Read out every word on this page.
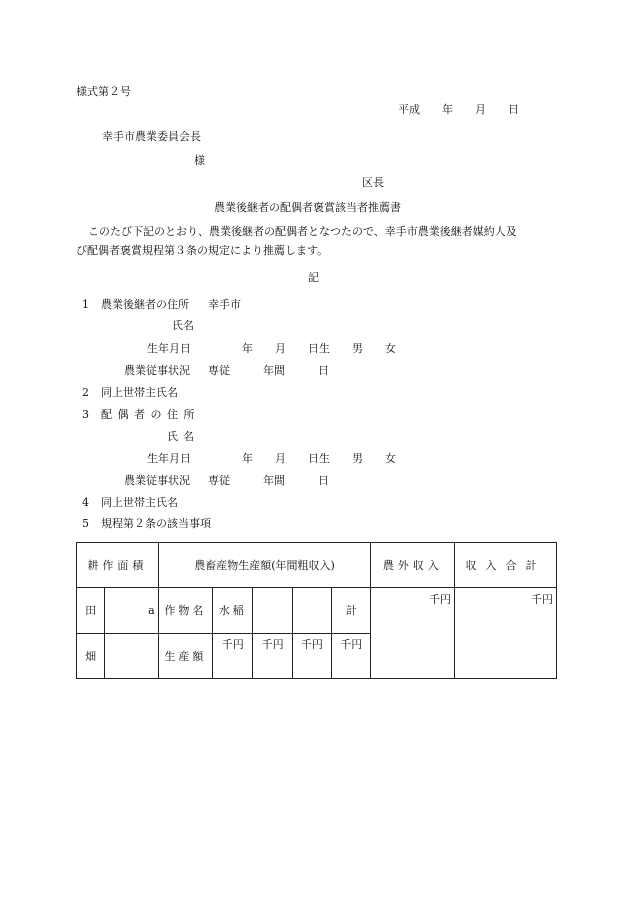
様式第２号
平成　　年　　月　　日
幸手市農業委員会長
様
区長
農業後継者の配偶者褒賞該当者推薦書
このたび下記のとおり、農業後継者の配偶者となつたので、幸手市農業後継者媒約人及
び配偶者褒賞規程第３条の規定により推薦します。
記
1 農業後継者の住所 幸手市
氏名
生年月日	年　　月　　日生　　男　　女
農業従事状況 専従　　　年間　　　日
2 同上世帯主氏名
3 配偶者の住所
氏名
生年月日	年　　月　　日生　　男　　女
農業従事状況 専従　　　年間　　　日
4 同上世帯主氏名
5 規程第２条の該当事項
耕作面積		農畜産物生産額(年間粗収入)					農外収入	収入合計
田	a	作物名	水稲			計	千円	千円
畑		生産額	千円	千円	千円	千円		
